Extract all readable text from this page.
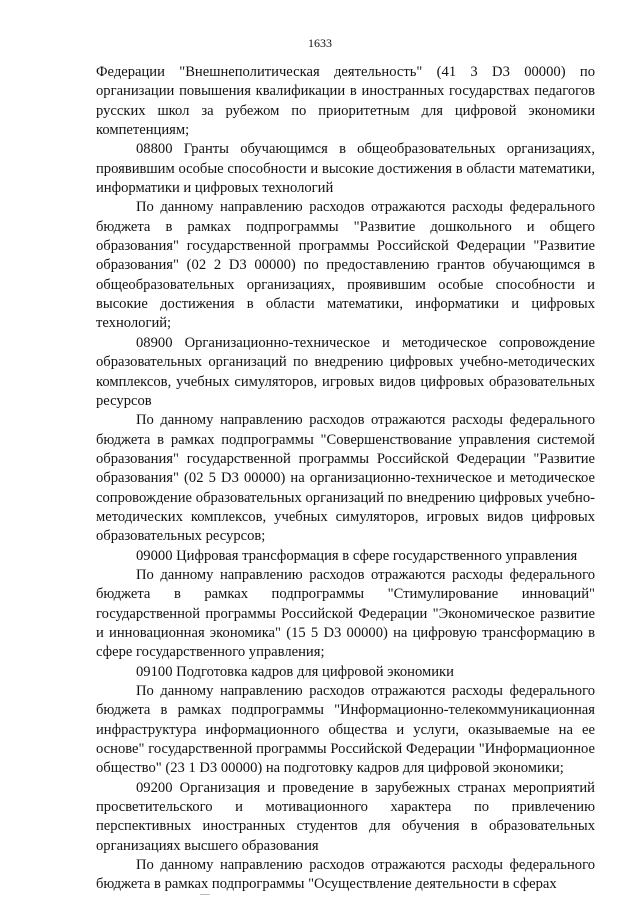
1633

Федерации "Внешнеполитическая деятельность" (41 3 D3 00000) по организации повышения квалификации в иностранных государствах педагогов русских школ за рубежом по приоритетным для цифровой экономики компетенциям;

08800 Гранты обучающимся в общеобразовательных организациях, проявившим особые способности и высокие достижения в области математики, информатики и цифровых технологий

По данному направлению расходов отражаются расходы федерального бюджета в рамках подпрограммы "Развитие дошкольного и общего образования" государственной программы Российской Федерации "Развитие образования" (02 2 D3 00000) по предоставлению грантов обучающимся в общеобразовательных организациях, проявившим особые способности и высокие достижения в области математики, информатики и цифровых технологий;

08900 Организационно-техническое и методическое сопровождение образовательных организаций по внедрению цифровых учебно-методических комплексов, учебных симуляторов, игровых видов цифровых образовательных ресурсов

По данному направлению расходов отражаются расходы федерального бюджета в рамках подпрограммы "Совершенствование управления системой образования" государственной программы Российской Федерации "Развитие образования" (02 5 D3 00000) на организационно-техническое и методическое сопровождение образовательных организаций по внедрению цифровых учебно-методических комплексов, учебных симуляторов, игровых видов цифровых образовательных ресурсов;

09000 Цифровая трансформация в сфере государственного управления

По данному направлению расходов отражаются расходы федерального бюджета в рамках подпрограммы "Стимулирование инноваций" государственной программы Российской Федерации "Экономическое развитие и инновационная экономика" (15 5 D3 00000) на цифровую трансформацию в сфере государственного управления;

09100 Подготовка кадров для цифровой экономики

По данному направлению расходов отражаются расходы федерального бюджета в рамках подпрограммы "Информационно-телекоммуникационная инфраструктура информационного общества и услуги, оказываемые на ее основе" государственной программы Российской Федерации "Информационное общество" (23 1 D3 00000) на подготовку кадров для цифровой экономики;

09200 Организация и проведение в зарубежных странах мероприятий просветительского и мотивационного характера по привлечению перспективных иностранных студентов для обучения в образовательных организациях высшего образования

По данному направлению расходов отражаются расходы федерального бюджета в рамках подпрограммы "Осуществление деятельности в сферах
